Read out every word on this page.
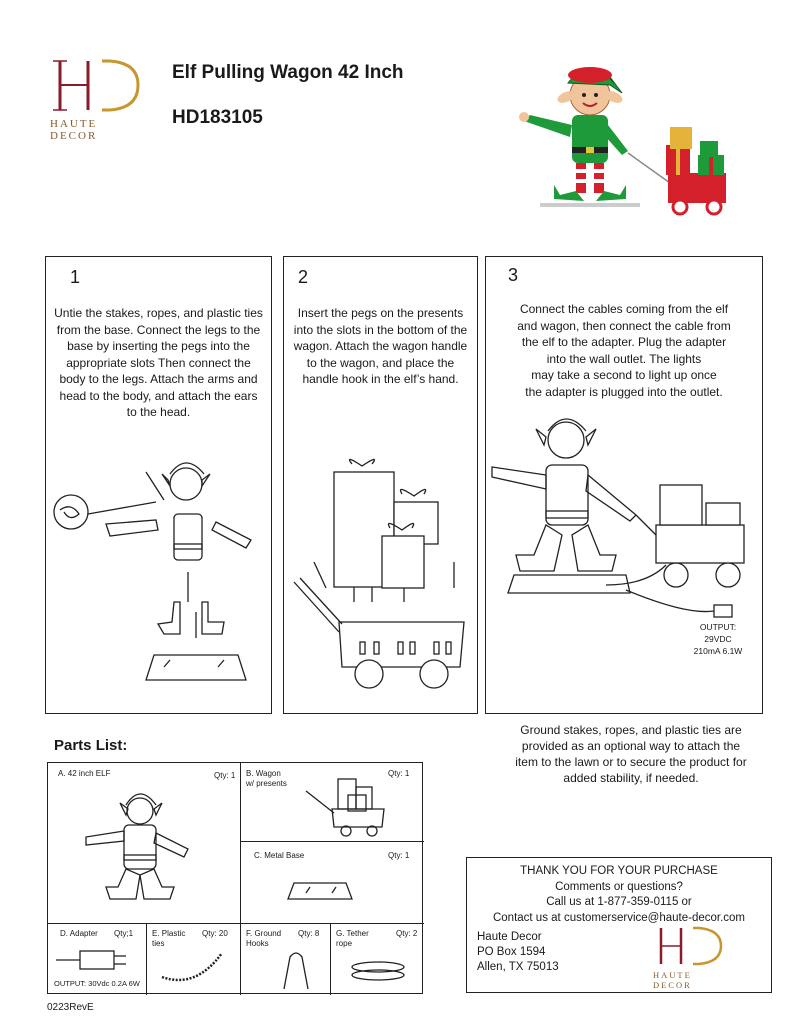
HAUTE DECOR
Elf Pulling Wagon 42 Inch
HD183105
1
Untie the stakes, ropes, and plastic ties
from the base. Connect the legs to the
base by inserting the pegs into the
appropriate slots Then connect the
body to the legs. Attach the arms and
head to the body, and attach the ears
to the head.
2
Insert the pegs on the presents
into the slots in the bottom of the
wagon. Attach the wagon handle
to the wagon, and place the
handle hook in the elf’s hand.
3
Connect the cables coming from the elf
and wagon, then connect the cable from
the elf to the adapter. Plug the adapter
into the wall outlet. The lights
may take a second to light up once
the adapter is plugged into the outlet.
OUTPUT:
29VDC
210mA 6.1W
Ground stakes, ropes, and plastic ties are
provided as an optional way to attach the
item to the lawn or to secure the product for
added stability, if needed.
Parts List:
A. 42 inch ELF	Qty: 1 B. Wagon
w/ presents
Qty: 1
C. Metal Base	Qty: 1
D. Adapter Qty;1
OUTPUT: 30Vdc 0.2A 6W
E. Plastic
ties
Qty: 20 F. Ground
Hooks
Qty: 8 G. Tether
rope
Qty: 2
THANK YOU FOR YOUR PURCHASE
Comments or questions?
Call us at 1-877-359-0115 or
Contact us at customerservice@haute-decor.com
Haute Decor
PO Box 1594
Allen, TX 75013
HAUTE DECOR
0223RevE
